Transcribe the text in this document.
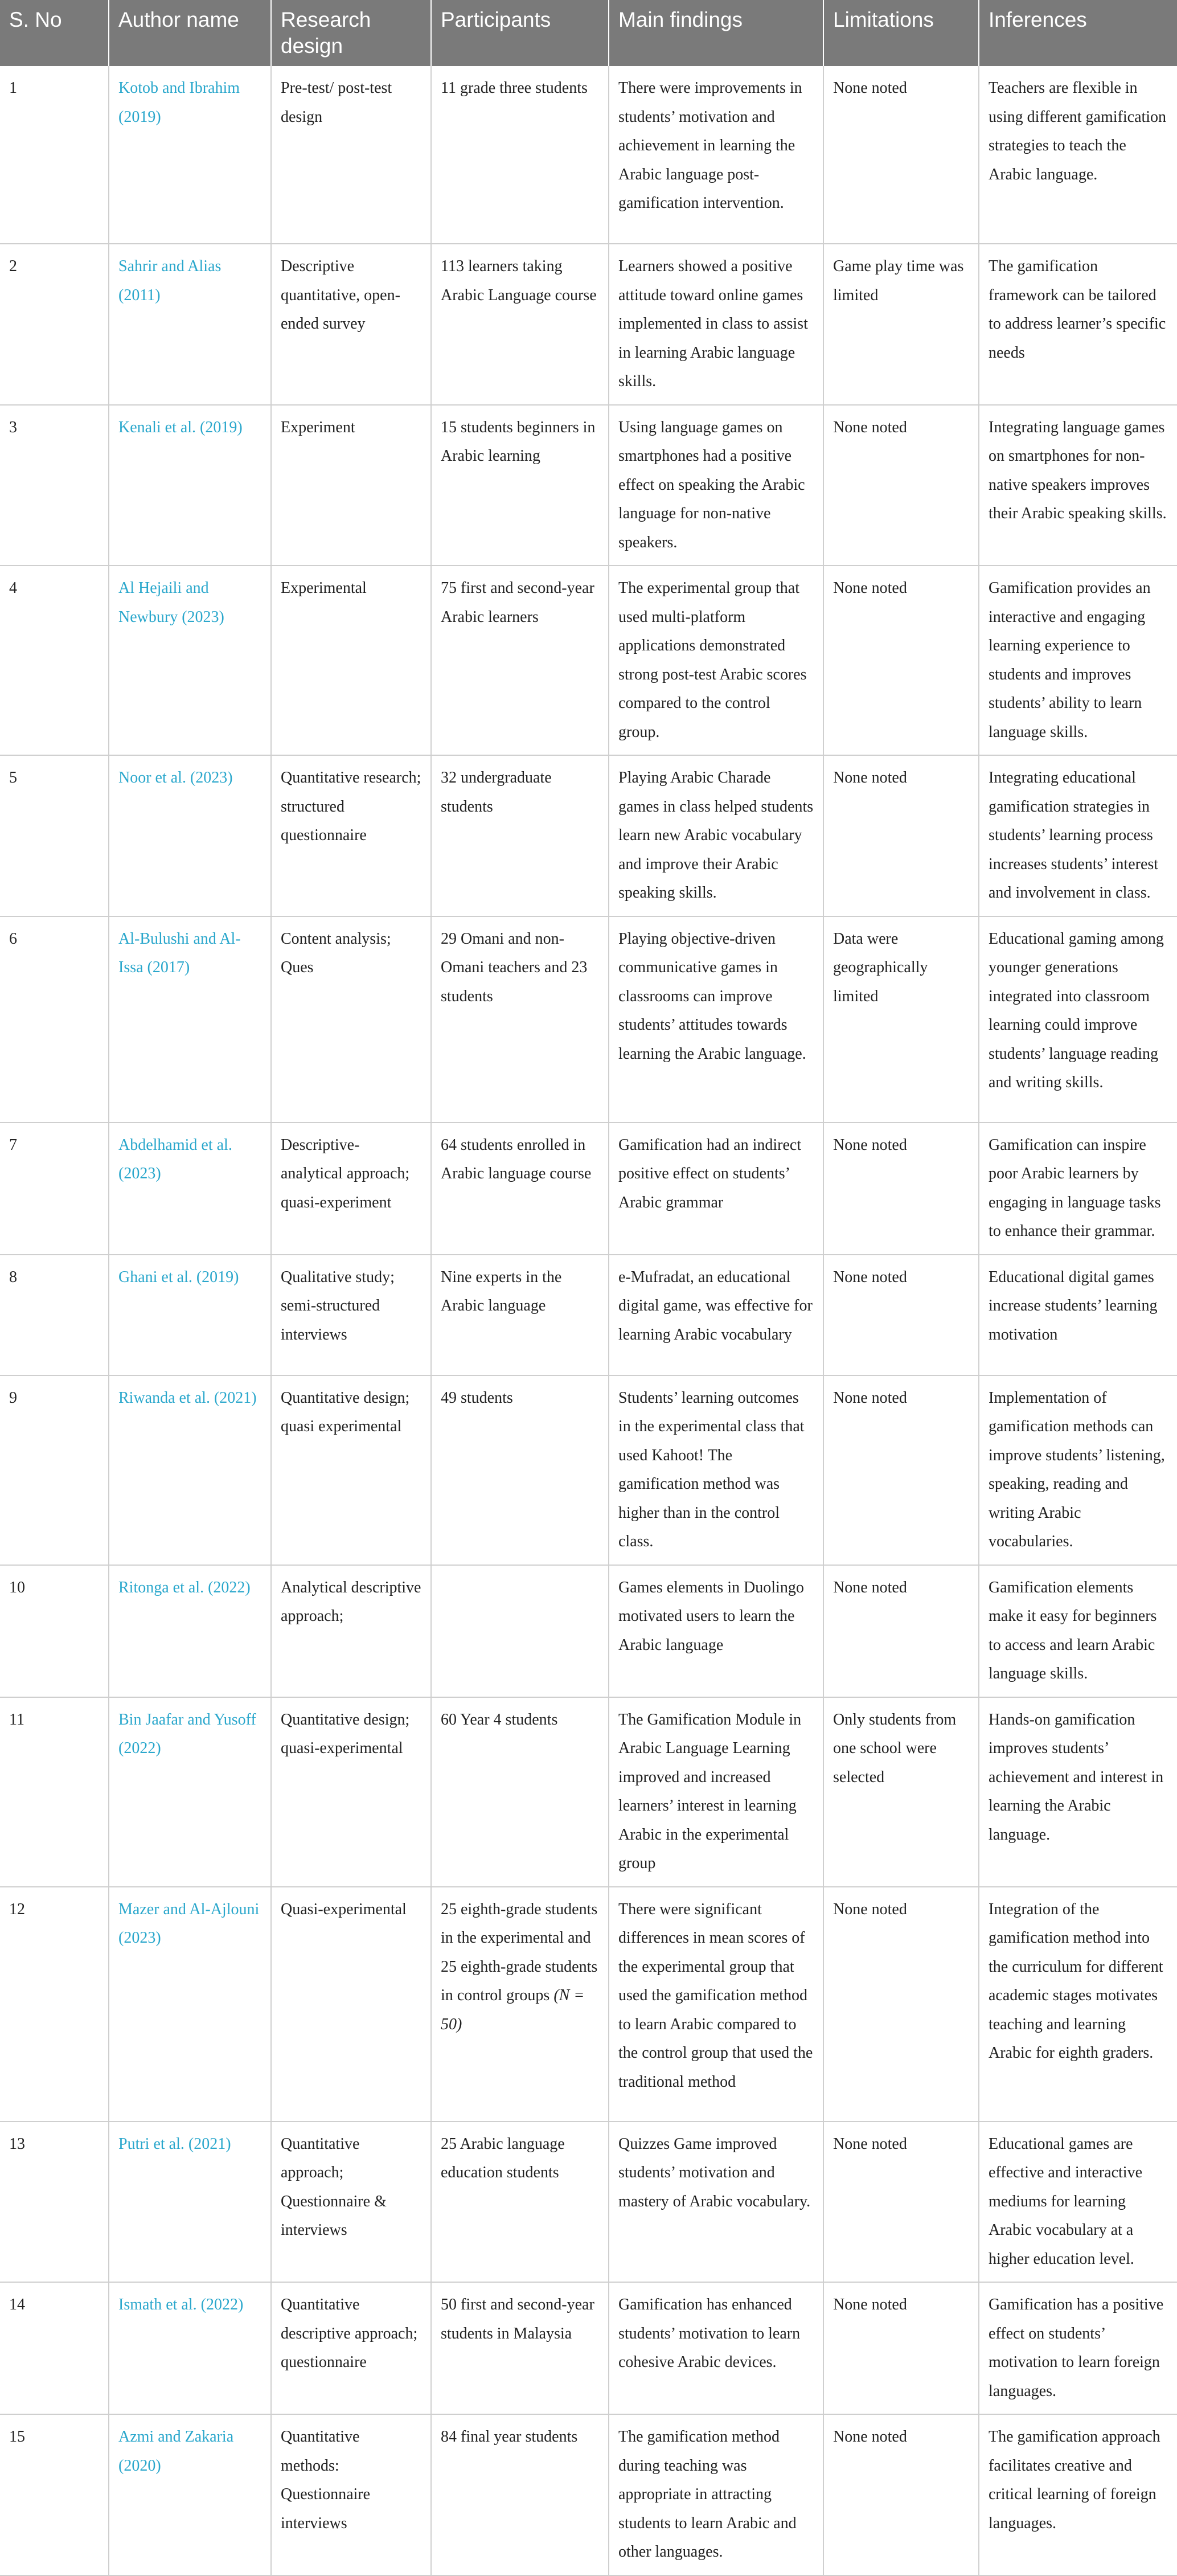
S. No	Author name	Research design	Participants	Main findings	Limitations	Inferences
1	Kotob and Ibrahim (2019)	Pre-test/ post-test design	11 grade three students	There were improvements in students’ motivation and achievement in learning the Arabic language post-gamification intervention.	None noted	Teachers are flexible in using different gamification strategies to teach the Arabic language.
2	Sahrir and Alias (2011)	Descriptive quantitative, open-ended survey	113 learners taking Arabic Language course	Learners showed a positive attitude toward online games implemented in class to assist in learning Arabic language skills.	Game play time was limited	The gamification framework can be tailored to address learner’s specific needs
3	Kenali et al. (2019)	Experiment	15 students beginners in Arabic learning	Using language games on smartphones had a positive effect on speaking the Arabic language for non-native speakers.	None noted	Integrating language games on smartphones for non-native speakers improves their Arabic speaking skills.
4	Al Hejaili and Newbury (2023)	Experimental	75 first and second-year Arabic learners	The experimental group that used multi-platform applications demonstrated strong post-test Arabic scores compared to the control group.	None noted	Gamification provides an interactive and engaging learning experience to students and improves students’ ability to learn language skills.
5	Noor et al. (2023)	Quantitative research; structured questionnaire	32 undergraduate students	Playing Arabic Charade games in class helped students learn new Arabic vocabulary and improve their Arabic speaking skills.	None noted	Integrating educational gamification strategies in students’ learning process increases students’ interest and involvement in class.
6	Al-Bulushi and Al-Issa (2017)	Content analysis; Ques	29 Omani and non-Omani teachers and 23 students	Playing objective-driven communicative games in classrooms can improve students’ attitudes towards learning the Arabic language.	Data were geographically limited	Educational gaming among younger generations integrated into classroom learning could improve students’ language reading and writing skills.
7	Abdelhamid et al. (2023)	Descriptive-analytical approach; quasi-experiment	64 students enrolled in Arabic language course	Gamification had an indirect positive effect on students’ Arabic grammar	None noted	Gamification can inspire poor Arabic learners by engaging in language tasks to enhance their grammar.
8	Ghani et al. (2019)	Qualitative study; semi-structured interviews	Nine experts in the Arabic language	e-Mufradat, an educational digital game, was effective for learning Arabic vocabulary	None noted	Educational digital games increase students’ learning motivation
9	Riwanda et al. (2021)	Quantitative design; quasi experimental	49 students	Students’ learning outcomes in the experimental class that used Kahoot! The gamification method was higher than in the control class.	None noted	Implementation of gamification methods can improve students’ listening, speaking, reading and writing Arabic vocabularies.
10	Ritonga et al. (2022)	Analytical descriptive approach;		Games elements in Duolingo motivated users to learn the Arabic language	None noted	Gamification elements make it easy for beginners to access and learn Arabic language skills.
11	Bin Jaafar and Yusoff (2022)	Quantitative design; quasi-experimental	60 Year 4 students	The Gamification Module in Arabic Language Learning improved and increased learners’ interest in learning Arabic in the experimental group	Only students from one school were selected	Hands-on gamification improves students’ achievement and interest in learning the Arabic language.
12	Mazer and Al-Ajlouni (2023)	Quasi-experimental	25 eighth-grade students in the experimental and 25 eighth-grade students in control groups (N = 50)	There were significant differences in mean scores of the experimental group that used the gamification method to learn Arabic compared to the control group that used the traditional method	None noted	Integration of the gamification method into the curriculum for different academic stages motivates teaching and learning Arabic for eighth graders.
13	Putri et al. (2021)	Quantitative approach; Questionnaire & interviews	25 Arabic language education students	Quizzes Game improved students’ motivation and mastery of Arabic vocabulary.	None noted	Educational games are effective and interactive mediums for learning Arabic vocabulary at a higher education level.
14	Ismath et al. (2022)	Quantitative descriptive approach; questionnaire	50 first and second-year students in Malaysia	Gamification has enhanced students’ motivation to learn cohesive Arabic devices.	None noted	Gamification has a positive effect on students’ motivation to learn foreign languages.
15	Azmi and Zakaria (2020)	Quantitative methods: Questionnaire interviews	84 final year students	The gamification method during teaching was appropriate in attracting students to learn Arabic and other languages.	None noted	The gamification approach facilitates creative and critical learning of foreign languages.
